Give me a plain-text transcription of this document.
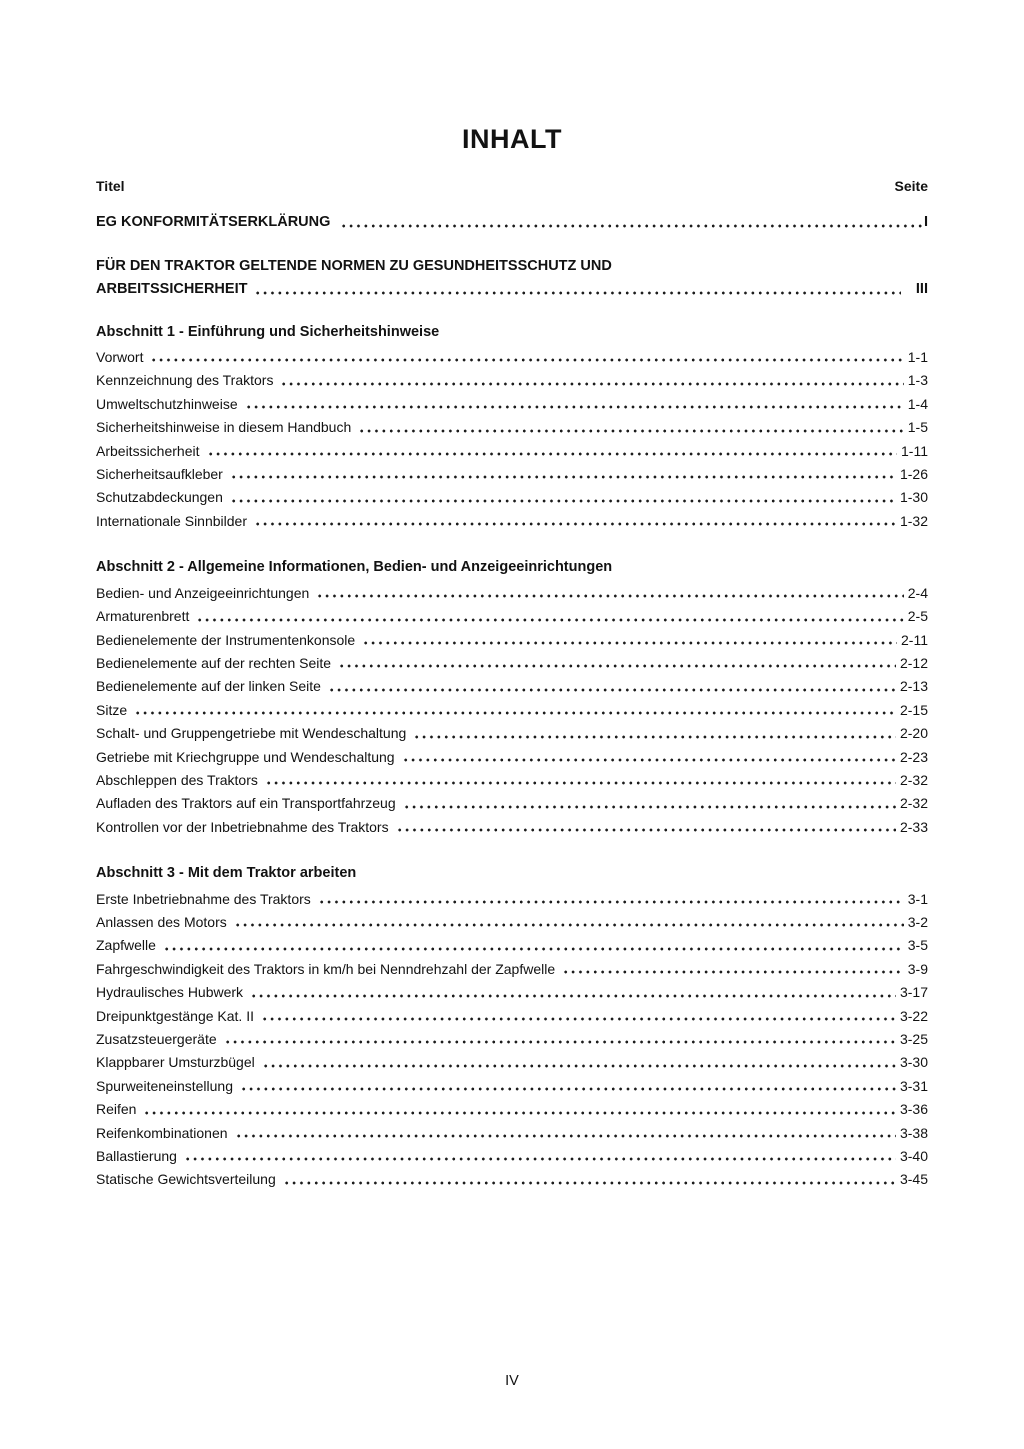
INHALT
Titel	Seite
EG KONFORMITÄTSERKLÄRUNG	I
FÜR DEN TRAKTOR GELTENDE NORMEN ZU GESUNDHEITSSCHUTZ UND
ARBEITSSICHERHEIT	III
Abschnitt 1 - Einführung und Sicherheitshinweise
Vorwort	1-1
Kennzeichnung des Traktors	1-3
Umweltschutzhinweise	1-4
Sicherheitshinweise in diesem Handbuch	1-5
Arbeitssicherheit	1-11
Sicherheitsaufkleber	1-26
Schutzabdeckungen	1-30
Internationale Sinnbilder	1-32
Abschnitt 2 - Allgemeine Informationen, Bedien- und Anzeigeeinrichtungen
Bedien- und Anzeigeeinrichtungen	2-4
Armaturenbrett	2-5
Bedienelemente der Instrumentenkonsole	2-11
Bedienelemente auf der rechten Seite	2-12
Bedienelemente auf der linken Seite	2-13
Sitze	2-15
Schalt- und Gruppengetriebe mit Wendeschaltung	2-20
Getriebe mit Kriechgruppe und Wendeschaltung	2-23
Abschleppen des Traktors	2-32
Aufladen des Traktors auf ein Transportfahrzeug	2-32
Kontrollen vor der Inbetriebnahme des Traktors	2-33
Abschnitt 3 - Mit dem Traktor arbeiten
Erste Inbetriebnahme des Traktors	3-1
Anlassen des Motors	3-2
Zapfwelle	3-5
Fahrgeschwindigkeit des Traktors in km/h bei Nenndrehzahl der Zapfwelle	3-9
Hydraulisches Hubwerk	3-17
Dreipunktgestänge Kat. II	3-22
Zusatzsteuergeräte	3-25
Klappbarer Umsturzbügel	3-30
Spurweiteneinstellung	3-31
Reifen	3-36
Reifenkombinationen	3-38
Ballastierung	3-40
Statische Gewichtsverteilung	3-45
IV
